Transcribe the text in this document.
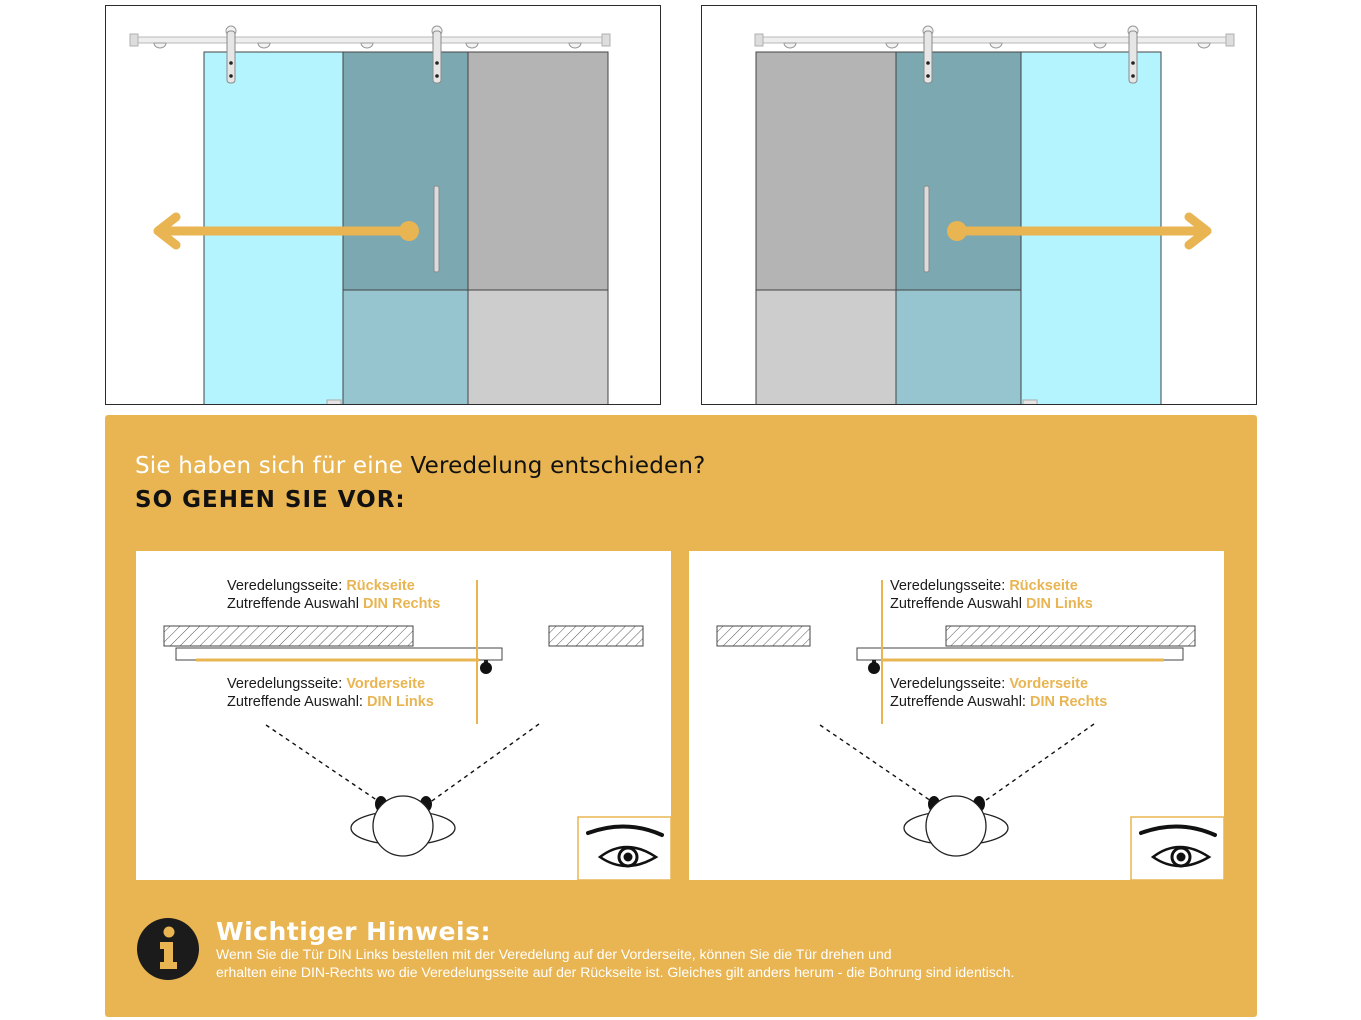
Sie haben sich für eine Veredelung entschieden?
SO GEHEN SIE VOR:
Veredelungsseite: Rückseite
Zutreffende Auswahl DIN Rechts
Veredelungsseite: Vorderseite
Zutreffende Auswahl: DIN Links
Veredelungsseite: Rückseite
Zutreffende Auswahl DIN Links
Veredelungsseite: Vorderseite
Zutreffende Auswahl: DIN Rechts
Wichtiger Hinweis:
Wenn Sie die Tür DIN Links bestellen mit der Veredelung auf der Vorderseite, können Sie die Tür drehen und
erhalten eine DIN-Rechts wo die Veredelungsseite auf der Rückseite ist. Gleiches gilt anders herum - die Bohrung sind identisch.
